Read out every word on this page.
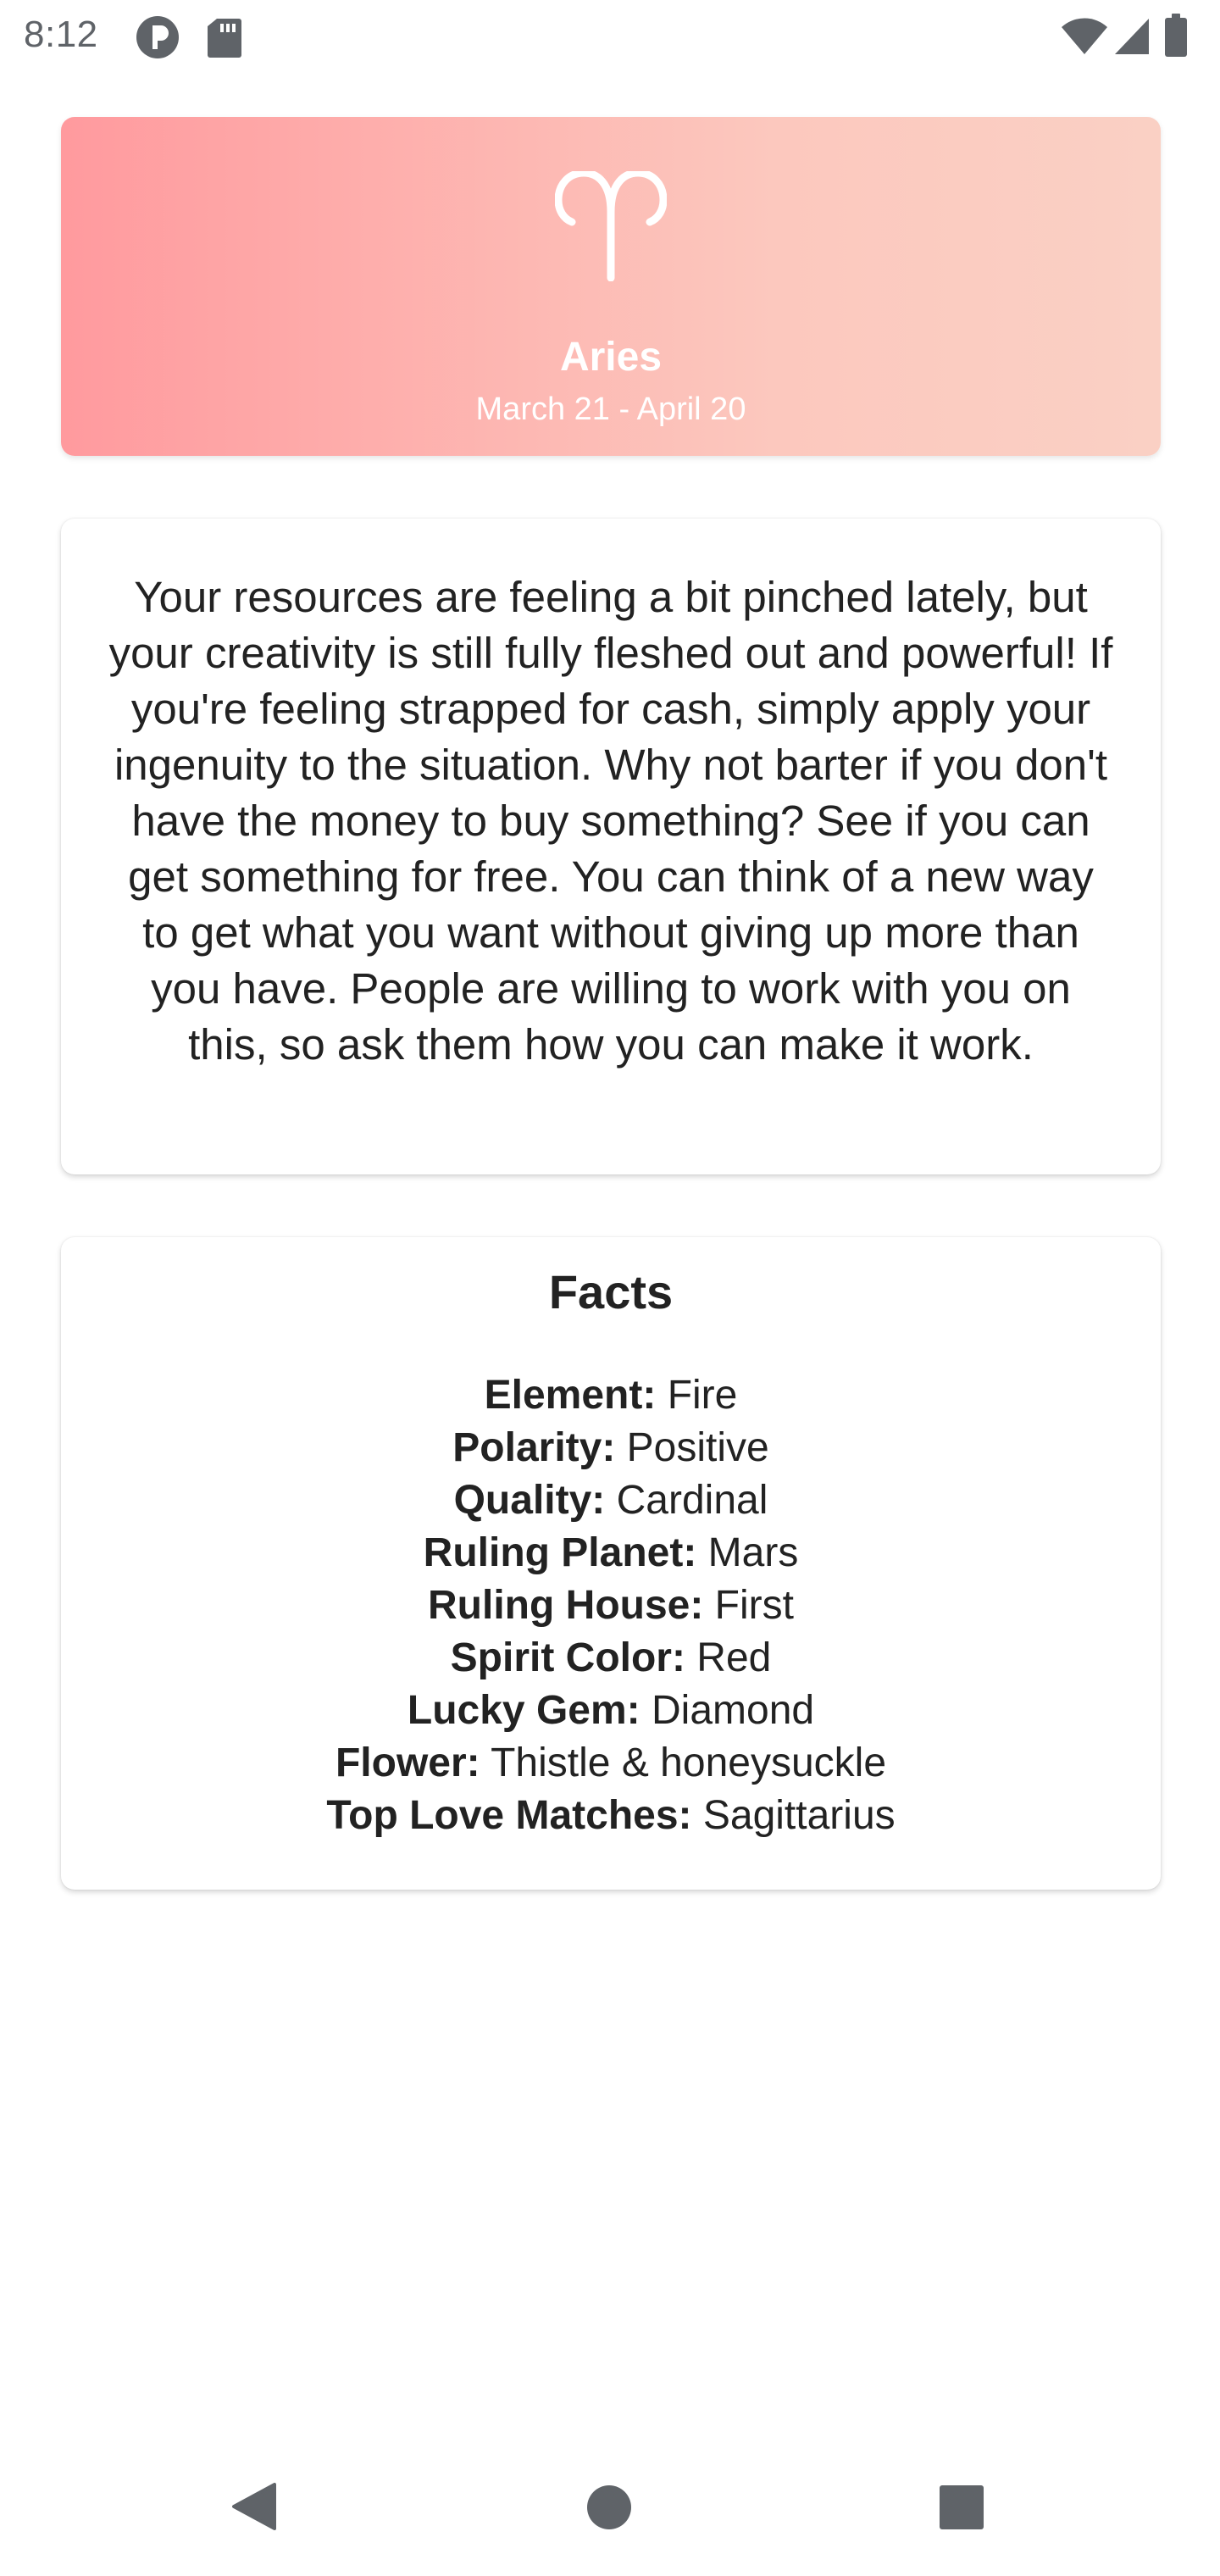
8:12
Aries
March 21 - April 20

Your resources are feeling a bit pinched lately, but your creativity is still fully fleshed out and powerful! If you're feeling strapped for cash, simply apply your ingenuity to the situation. Why not barter if you don't have the money to buy something? See if you can get something for free. You can think of a new way to get what you want without giving up more than you have. People are willing to work with you on this, so ask them how you can make it work.

Facts
Element: Fire
Polarity: Positive
Quality: Cardinal
Ruling Planet: Mars
Ruling House: First
Spirit Color: Red
Lucky Gem: Diamond
Flower: Thistle & honeysuckle
Top Love Matches: Sagittarius
